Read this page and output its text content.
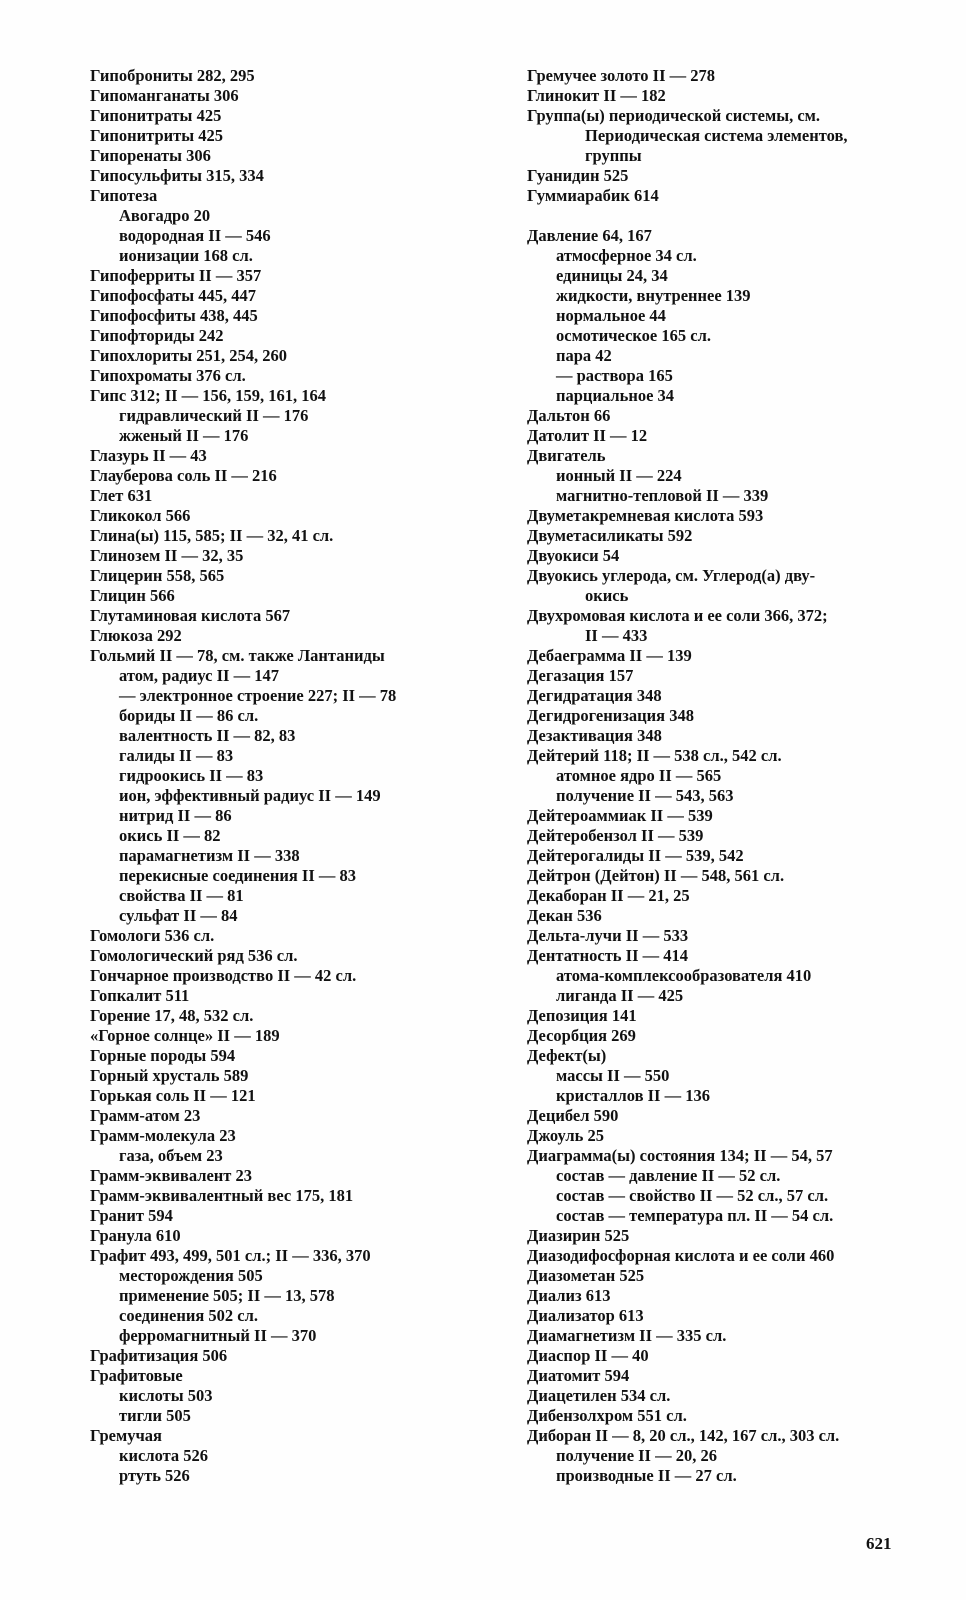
Гипоброниты 282, 295
Гипоманганаты 306
Гипонитраты 425
Гипонитриты 425
Гипоренаты 306
Гипосульфиты 315, 334
Гипотеза
Авогадро 20
водородная II — 546
ионизации 168 сл.
Гипоферриты II — 357
Гипофосфаты 445, 447
Гипофосфиты 438, 445
Гипофториды 242
Гипохлориты 251, 254, 260
Гипохроматы 376 сл.
Гипс 312; II — 156, 159, 161, 164
гидравлический II — 176
жженый II — 176
Глазурь II — 43
Глауберова соль II — 216
Глет 631
Гликокол 566
Глина(ы) 115, 585; II — 32, 41 сл.
Глинозем II — 32, 35
Глицерин 558, 565
Глицин 566
Глутаминовая кислота 567
Глюкоза 292
Гольмий II — 78, см. также Лантаниды
атом, радиус II — 147
— электронное строение 227; II — 78
бориды II — 86 сл.
валентность II — 82, 83
галиды II — 83
гидроокись II — 83
ион, эффективный радиус II — 149
нитрид II — 86
окись II — 82
парамагнетизм II — 338
перекисные соединения II — 83
свойства II — 81
сульфат II — 84
Гомологи 536 сл.
Гомологический ряд 536 сл.
Гончарное производство II — 42 сл.
Гопкалит 511
Горение 17, 48, 532 сл.
«Горное солнце» II — 189
Горные породы 594
Горный хрусталь 589
Горькая соль II — 121
Грамм-атом 23
Грамм-молекула 23
газа, объем 23
Грамм-эквивалент 23
Грамм-эквивалентный вес 175, 181
Гранит 594
Гранула 610
Графит 493, 499, 501 сл.; II — 336, 370
месторождения 505
применение 505; II — 13, 578
соединения 502 сл.
ферромагнитный II — 370
Графитизация 506
Графитовые
кислоты 503
тигли 505
Гремучая
кислота 526
ртуть 526
Гремучее золото II — 278
Глинокит II — 182
Группа(ы) периодической системы, см.
Периодическая система элементов,
группы
Гуанидин 525
Гуммиарабик 614
Давление 64, 167
атмосферное 34 сл.
единицы 24, 34
жидкости, внутреннее 139
нормальное 44
осмотическое 165 сл.
пара 42
— раствора 165
парциальное 34
Дальтон 66
Датолит II — 12
Двигатель
ионный II — 224
магнитно-тепловой II — 339
Двуметакремневая кислота 593
Двуметасиликаты 592
Двуокиси 54
Двуокись углерода, см. Углерод(а) дву-
окись
Двухромовая кислота и ее соли 366, 372;
II — 433
Дебаеграмма II — 139
Дегазация 157
Дегидратация 348
Дегидрогенизация 348
Дезактивация 348
Дейтерий 118; II — 538 сл., 542 сл.
атомное ядро II — 565
получение II — 543, 563
Дейтероаммиак II — 539
Дейтеробензол II — 539
Дейтерогалиды II — 539, 542
Дейтрон (Дейтон) II — 548, 561 сл.
Декаборан II — 21, 25
Декан 536
Дельта-лучи II — 533
Дентатность II — 414
атома-комплексообразователя 410
лиганда II — 425
Депозиция 141
Десорбция 269
Дефект(ы)
массы II — 550
кристаллов II — 136
Децибел 590
Джоуль 25
Диаграмма(ы) состояния 134; II — 54, 57
состав — давление II — 52 сл.
состав — свойство II — 52 сл., 57 сл.
состав — температура пл. II — 54 сл.
Диазирин 525
Диазодифосфорная кислота и ее соли 460
Диазометан 525
Диализ 613
Диализатор 613
Диамагнетизм II — 335 сл.
Диаспор II — 40
Диатомит 594
Диацетилен 534 сл.
Дибензолхром 551 сл.
Диборан II — 8, 20 сл., 142, 167 сл., 303 сл.
получение II — 20, 26
производные II — 27 сл.
621
